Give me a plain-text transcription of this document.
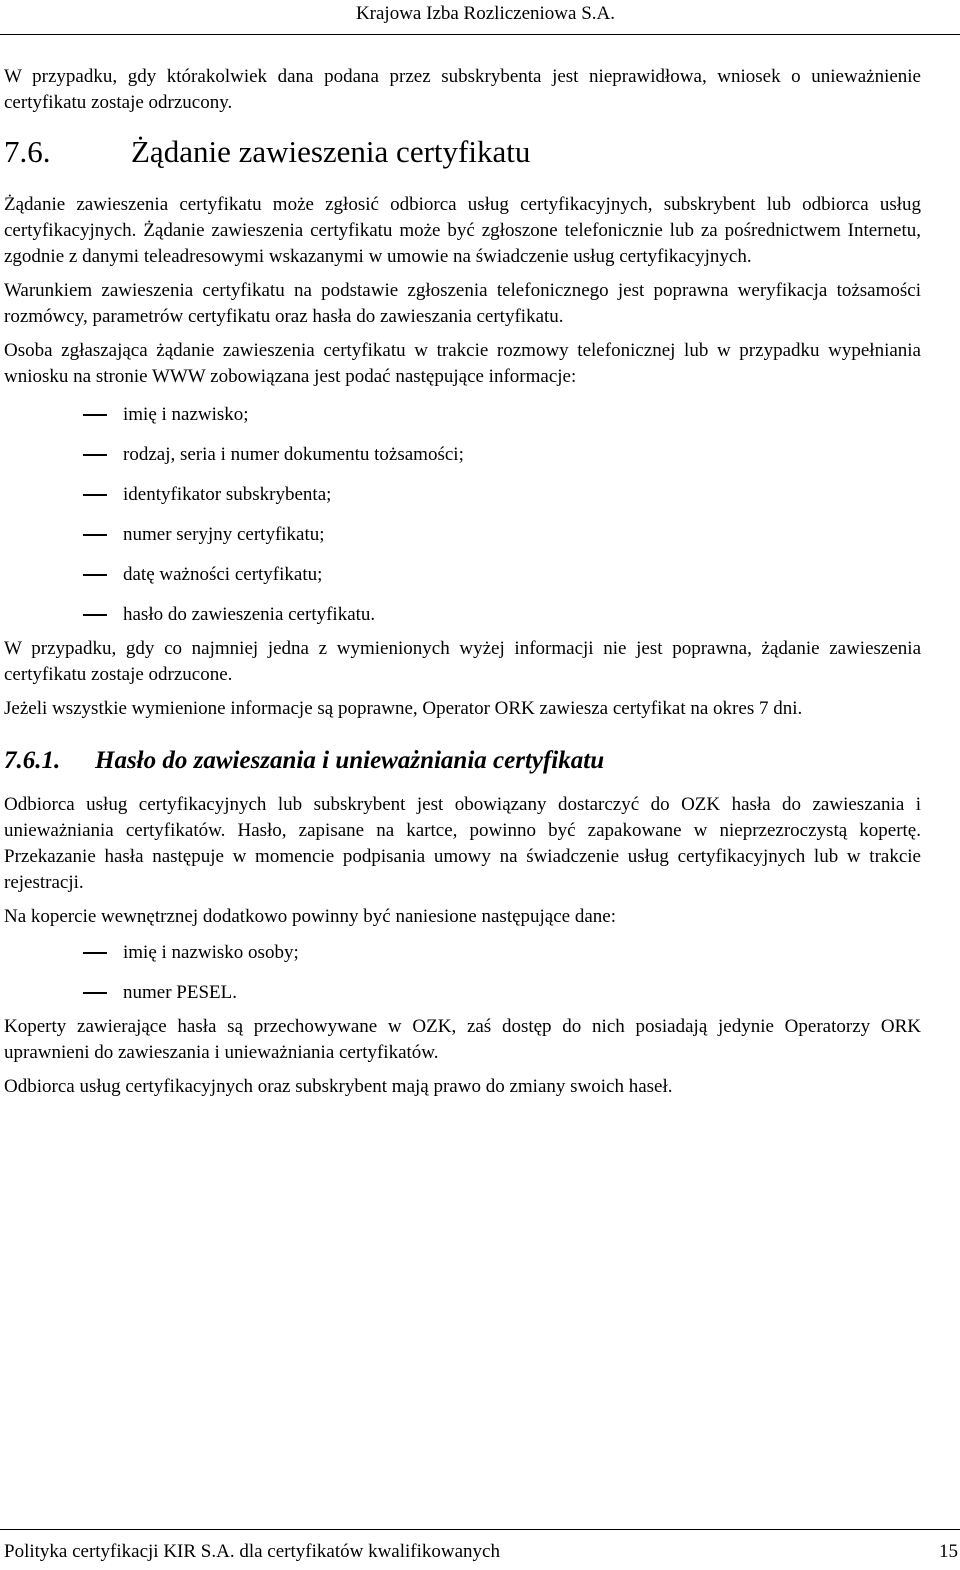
Krajowa Izba Rozliczeniowa S.A.

W przypadku, gdy którakolwiek dana podana przez subskrybenta jest nieprawidłowa, wniosek o unieważnienie certyfikatu zostaje odrzucony.

7.6.	Żądanie zawieszenia certyfikatu

Żądanie zawieszenia certyfikatu może zgłosić odbiorca usług certyfikacyjnych, subskrybent lub odbiorca usług certyfikacyjnych. Żądanie zawieszenia certyfikatu może być zgłoszone telefonicznie lub za pośrednictwem Internetu, zgodnie z danymi teleadresowymi wskazanymi w umowie na świadczenie usług certyfikacyjnych.

Warunkiem zawieszenia certyfikatu na podstawie zgłoszenia telefonicznego jest poprawna weryfikacja tożsamości rozmówcy, parametrów certyfikatu oraz hasła do zawieszania certyfikatu.

Osoba zgłaszająca żądanie zawieszenia certyfikatu w trakcie rozmowy telefonicznej lub w przypadku wypełniania wniosku na stronie WWW zobowiązana jest podać następujące informacje:

imię i nazwisko;
rodzaj, seria i numer dokumentu tożsamości;
identyfikator subskrybenta;
numer seryjny certyfikatu;
datę ważności certyfikatu;
hasło do zawieszenia certyfikatu.

W przypadku, gdy co najmniej jedna z wymienionych wyżej informacji nie jest poprawna, żądanie zawieszenia certyfikatu zostaje odrzucone.

Jeżeli wszystkie wymienione informacje są poprawne, Operator ORK zawiesza certyfikat na okres 7 dni.

7.6.1. Hasło do zawieszania i unieważniania certyfikatu

Odbiorca usług certyfikacyjnych lub subskrybent jest obowiązany dostarczyć do OZK hasła do zawieszania i unieważniania certyfikatów. Hasło, zapisane na kartce, powinno być zapakowane w nieprzezroczystą kopertę. Przekazanie hasła następuje w momencie podpisania umowy na świadczenie usług certyfikacyjnych lub w trakcie rejestracji.

Na kopercie wewnętrznej dodatkowo powinny być naniesione następujące dane:

imię i nazwisko osoby;
numer PESEL.

Koperty zawierające hasła są przechowywane w OZK, zaś dostęp do nich posiadają jedynie Operatorzy ORK uprawnieni do zawieszania i unieważniania certyfikatów.

Odbiorca usług certyfikacyjnych oraz subskrybent mają prawo do zmiany swoich haseł.

Polityka certyfikacji KIR S.A. dla certyfikatów kwalifikowanych	15
